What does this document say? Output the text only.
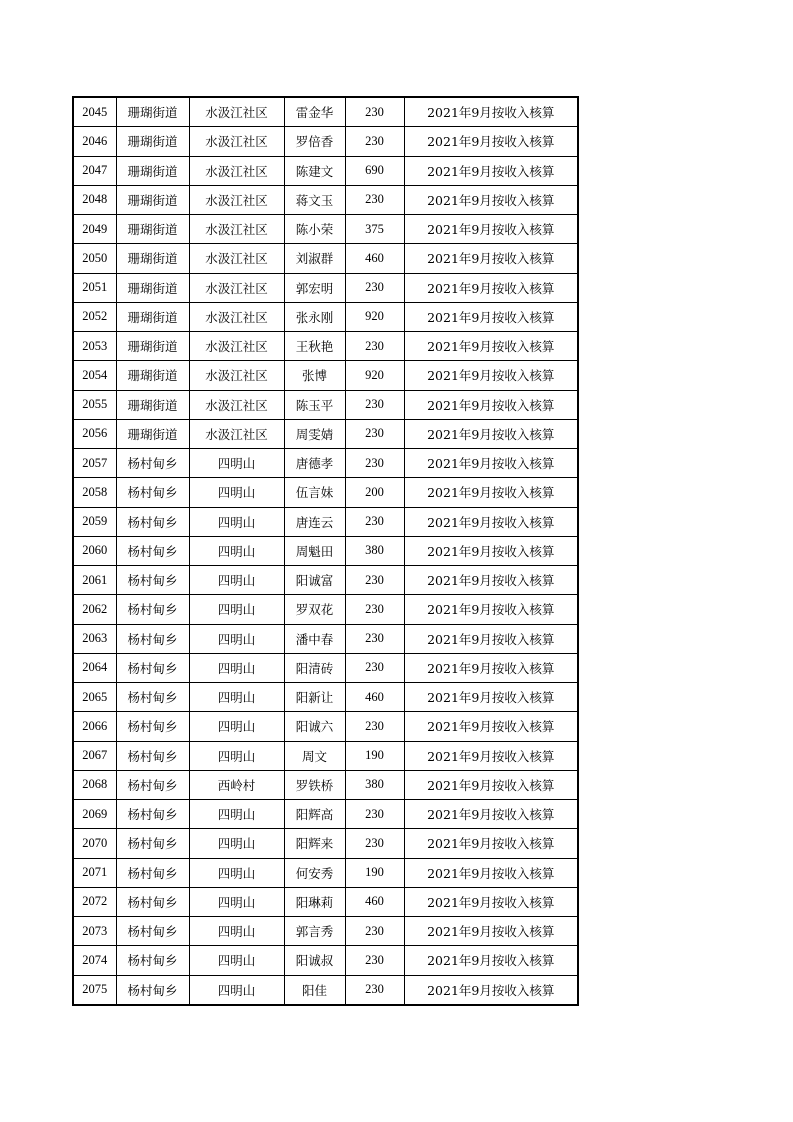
2045	珊瑚街道	水汲江社区	雷金华	230	2021年9月按收入核算
2046	珊瑚街道	水汲江社区	罗倍香	230	2021年9月按收入核算
2047	珊瑚街道	水汲江社区	陈建文	690	2021年9月按收入核算
2048	珊瑚街道	水汲江社区	蒋文玉	230	2021年9月按收入核算
2049	珊瑚街道	水汲江社区	陈小荣	375	2021年9月按收入核算
2050	珊瑚街道	水汲江社区	刘淑群	460	2021年9月按收入核算
2051	珊瑚街道	水汲江社区	郭宏明	230	2021年9月按收入核算
2052	珊瑚街道	水汲江社区	张永刚	920	2021年9月按收入核算
2053	珊瑚街道	水汲江社区	王秋艳	230	2021年9月按收入核算
2054	珊瑚街道	水汲江社区	张博	920	2021年9月按收入核算
2055	珊瑚街道	水汲江社区	陈玉平	230	2021年9月按收入核算
2056	珊瑚街道	水汲江社区	周雯婧	230	2021年9月按收入核算
2057	杨村甸乡	四明山	唐德孝	230	2021年9月按收入核算
2058	杨村甸乡	四明山	伍言妹	200	2021年9月按收入核算
2059	杨村甸乡	四明山	唐连云	230	2021年9月按收入核算
2060	杨村甸乡	四明山	周魁田	380	2021年9月按收入核算
2061	杨村甸乡	四明山	阳诚富	230	2021年9月按收入核算
2062	杨村甸乡	四明山	罗双花	230	2021年9月按收入核算
2063	杨村甸乡	四明山	潘中春	230	2021年9月按收入核算
2064	杨村甸乡	四明山	阳清砖	230	2021年9月按收入核算
2065	杨村甸乡	四明山	阳新让	460	2021年9月按收入核算
2066	杨村甸乡	四明山	阳诚六	230	2021年9月按收入核算
2067	杨村甸乡	四明山	周文	190	2021年9月按收入核算
2068	杨村甸乡	西岭村	罗铁桥	380	2021年9月按收入核算
2069	杨村甸乡	四明山	阳辉高	230	2021年9月按收入核算
2070	杨村甸乡	四明山	阳辉来	230	2021年9月按收入核算
2071	杨村甸乡	四明山	何安秀	190	2021年9月按收入核算
2072	杨村甸乡	四明山	阳琳莉	460	2021年9月按收入核算
2073	杨村甸乡	四明山	郭言秀	230	2021年9月按收入核算
2074	杨村甸乡	四明山	阳诚叔	230	2021年9月按收入核算
2075	杨村甸乡	四明山	阳佳	230	2021年9月按收入核算
